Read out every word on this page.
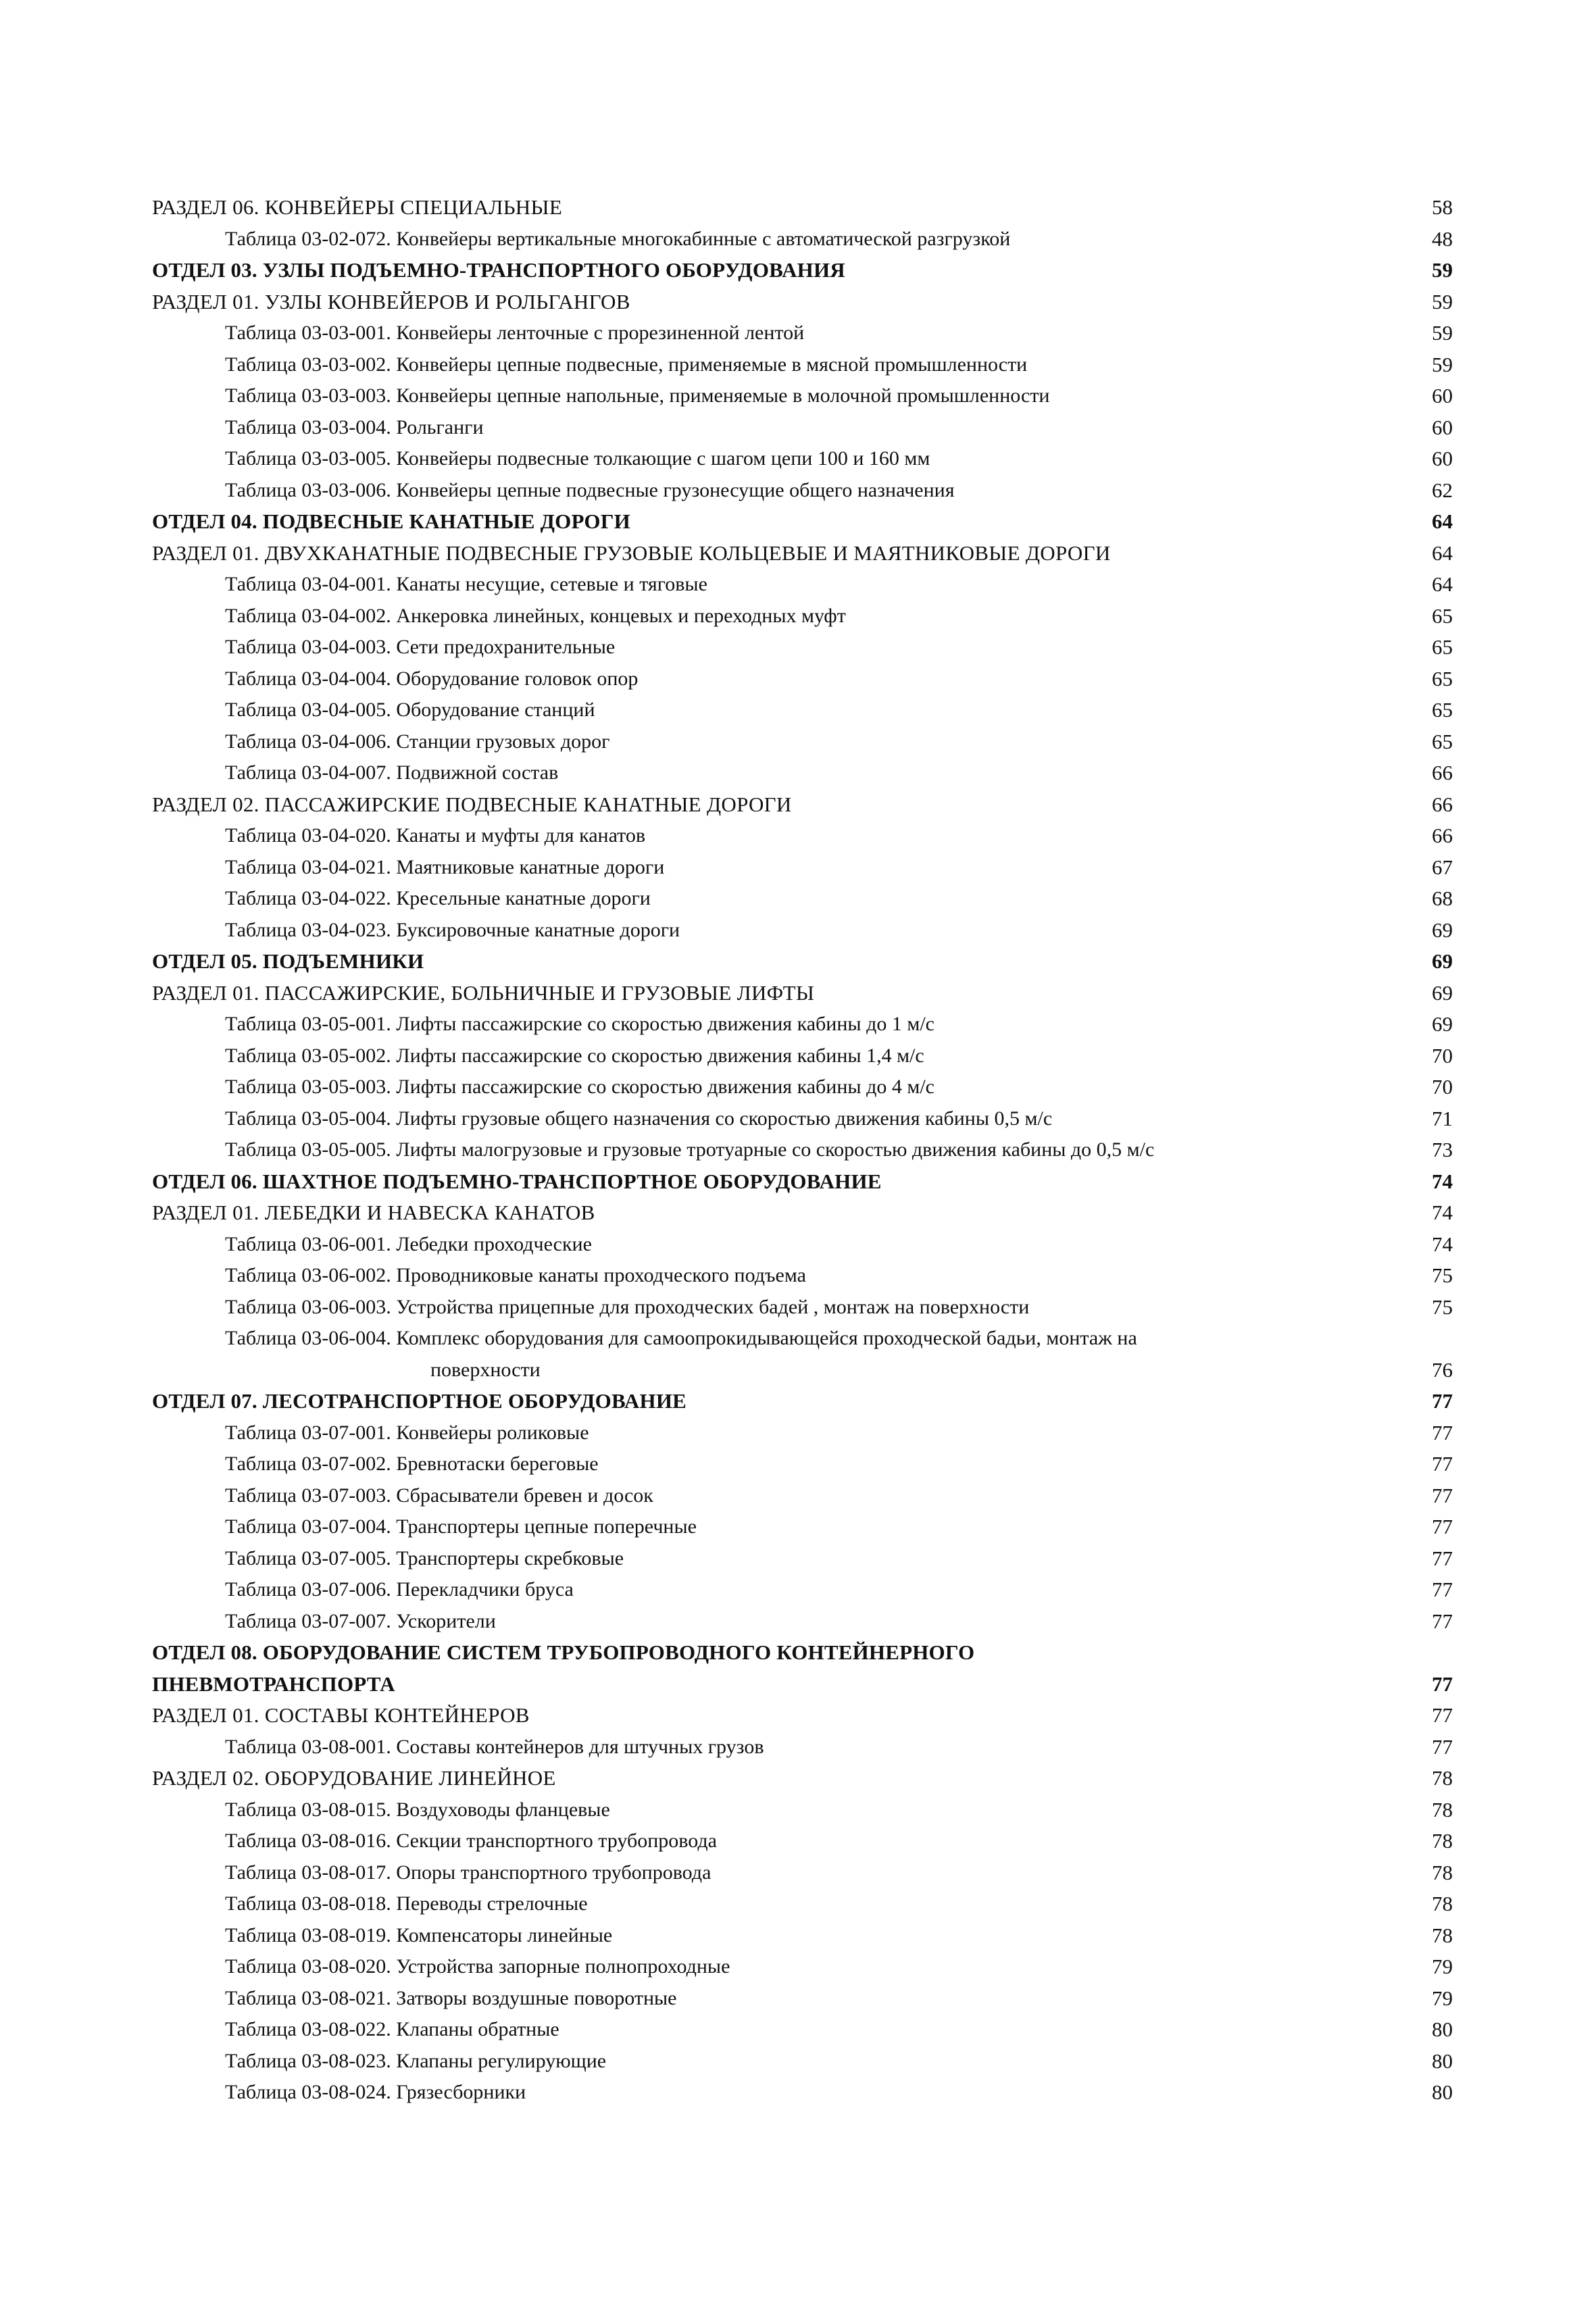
РАЗДЕЛ 06. КОНВЕЙЕРЫ СПЕЦИАЛЬНЫЕ	58
Таблица 03-02-072. Конвейеры вертикальные многокабинные с автоматической разгрузкой	48
ОТДЕЛ 03. УЗЛЫ ПОДЪЕМНО-ТРАНСПОРТНОГО ОБОРУДОВАНИЯ	59
РАЗДЕЛ 01. УЗЛЫ КОНВЕЙЕРОВ И РОЛЬГАНГОВ	59
Таблица 03-03-001. Конвейеры ленточные с прорезиненной лентой	59
Таблица 03-03-002. Конвейеры цепные подвесные, применяемые в мясной промышленности	59
Таблица 03-03-003. Конвейеры цепные напольные, применяемые в молочной промышленности	60
Таблица 03-03-004. Рольганги	60
Таблица 03-03-005. Конвейеры подвесные толкающие с шагом цепи 100 и 160 мм	60
Таблица 03-03-006. Конвейеры цепные подвесные грузонесущие общего назначения	62
ОТДЕЛ 04. ПОДВЕСНЫЕ КАНАТНЫЕ ДОРОГИ	64
РАЗДЕЛ 01. ДВУХКАНАТНЫЕ ПОДВЕСНЫЕ ГРУЗОВЫЕ КОЛЬЦЕВЫЕ И МАЯТНИКОВЫЕ ДОРОГИ	64
Таблица 03-04-001. Канаты несущие, сетевые и тяговые	64
Таблица 03-04-002. Анкеровка линейных, концевых и переходных муфт	65
Таблица 03-04-003. Сети предохранительные	65
Таблица 03-04-004. Оборудование головок опор	65
Таблица 03-04-005. Оборудование станций	65
Таблица 03-04-006. Станции грузовых дорог	65
Таблица 03-04-007. Подвижной состав	66
РАЗДЕЛ 02. ПАССАЖИРСКИЕ ПОДВЕСНЫЕ КАНАТНЫЕ ДОРОГИ	66
Таблица 03-04-020. Канаты и муфты для канатов	66
Таблица 03-04-021. Маятниковые канатные дороги	67
Таблица 03-04-022. Кресельные канатные дороги	68
Таблица 03-04-023. Буксировочные канатные дороги	69
ОТДЕЛ 05. ПОДЪЕМНИКИ	69
РАЗДЕЛ 01. ПАССАЖИРСКИЕ, БОЛЬНИЧНЫЕ И ГРУЗОВЫЕ ЛИФТЫ	69
Таблица 03-05-001. Лифты пассажирские со скоростью движения кабины до 1 м/с	69
Таблица 03-05-002. Лифты пассажирские со скоростью движения кабины 1,4 м/с	70
Таблица 03-05-003. Лифты пассажирские со скоростью движения кабины до 4 м/с	70
Таблица 03-05-004. Лифты грузовые общего назначения со скоростью движения кабины 0,5 м/с	71
Таблица 03-05-005. Лифты малогрузовые и грузовые тротуарные со скоростью движения кабины до 0,5 м/с	73
ОТДЕЛ 06. ШАХТНОЕ ПОДЪЕМНО-ТРАНСПОРТНОЕ ОБОРУДОВАНИЕ	74
РАЗДЕЛ 01. ЛЕБЕДКИ И НАВЕСКА КАНАТОВ	74
Таблица 03-06-001. Лебедки проходческие	74
Таблица 03-06-002. Проводниковые канаты проходческого подъема	75
Таблица 03-06-003. Устройства прицепные для проходческих бадей , монтаж на поверхности	75
Таблица 03-06-004. Комплекс оборудования для самоопрокидывающейся проходческой бадьи, монтаж на
поверхности	76
ОТДЕЛ 07. ЛЕСОТРАНСПОРТНОЕ ОБОРУДОВАНИЕ	77
Таблица 03-07-001. Конвейеры роликовые	77
Таблица 03-07-002. Бревнотаски береговые	77
Таблица 03-07-003. Сбрасыватели бревен и досок	77
Таблица 03-07-004. Транспортеры цепные поперечные	77
Таблица 03-07-005. Транспортеры скребковые	77
Таблица 03-07-006. Перекладчики бруса	77
Таблица 03-07-007. Ускорители	77
ОТДЕЛ 08. ОБОРУДОВАНИЕ СИСТЕМ ТРУБОПРОВОДНОГО КОНТЕЙНЕРНОГО
ПНЕВМОТРАНСПОРТА	77
РАЗДЕЛ 01. СОСТАВЫ КОНТЕЙНЕРОВ	77
Таблица 03-08-001. Составы контейнеров для штучных грузов	77
РАЗДЕЛ 02. ОБОРУДОВАНИЕ ЛИНЕЙНОЕ	78
Таблица 03-08-015. Воздуховоды фланцевые	78
Таблица 03-08-016. Секции транспортного трубопровода	78
Таблица 03-08-017. Опоры транспортного трубопровода	78
Таблица 03-08-018. Переводы стрелочные	78
Таблица 03-08-019. Компенсаторы линейные	78
Таблица 03-08-020. Устройства запорные полнопроходные	79
Таблица 03-08-021. Затворы воздушные поворотные	79
Таблица 03-08-022. Клапаны обратные	80
Таблица 03-08-023. Клапаны регулирующие	80
Таблица 03-08-024. Грязесборники	80
